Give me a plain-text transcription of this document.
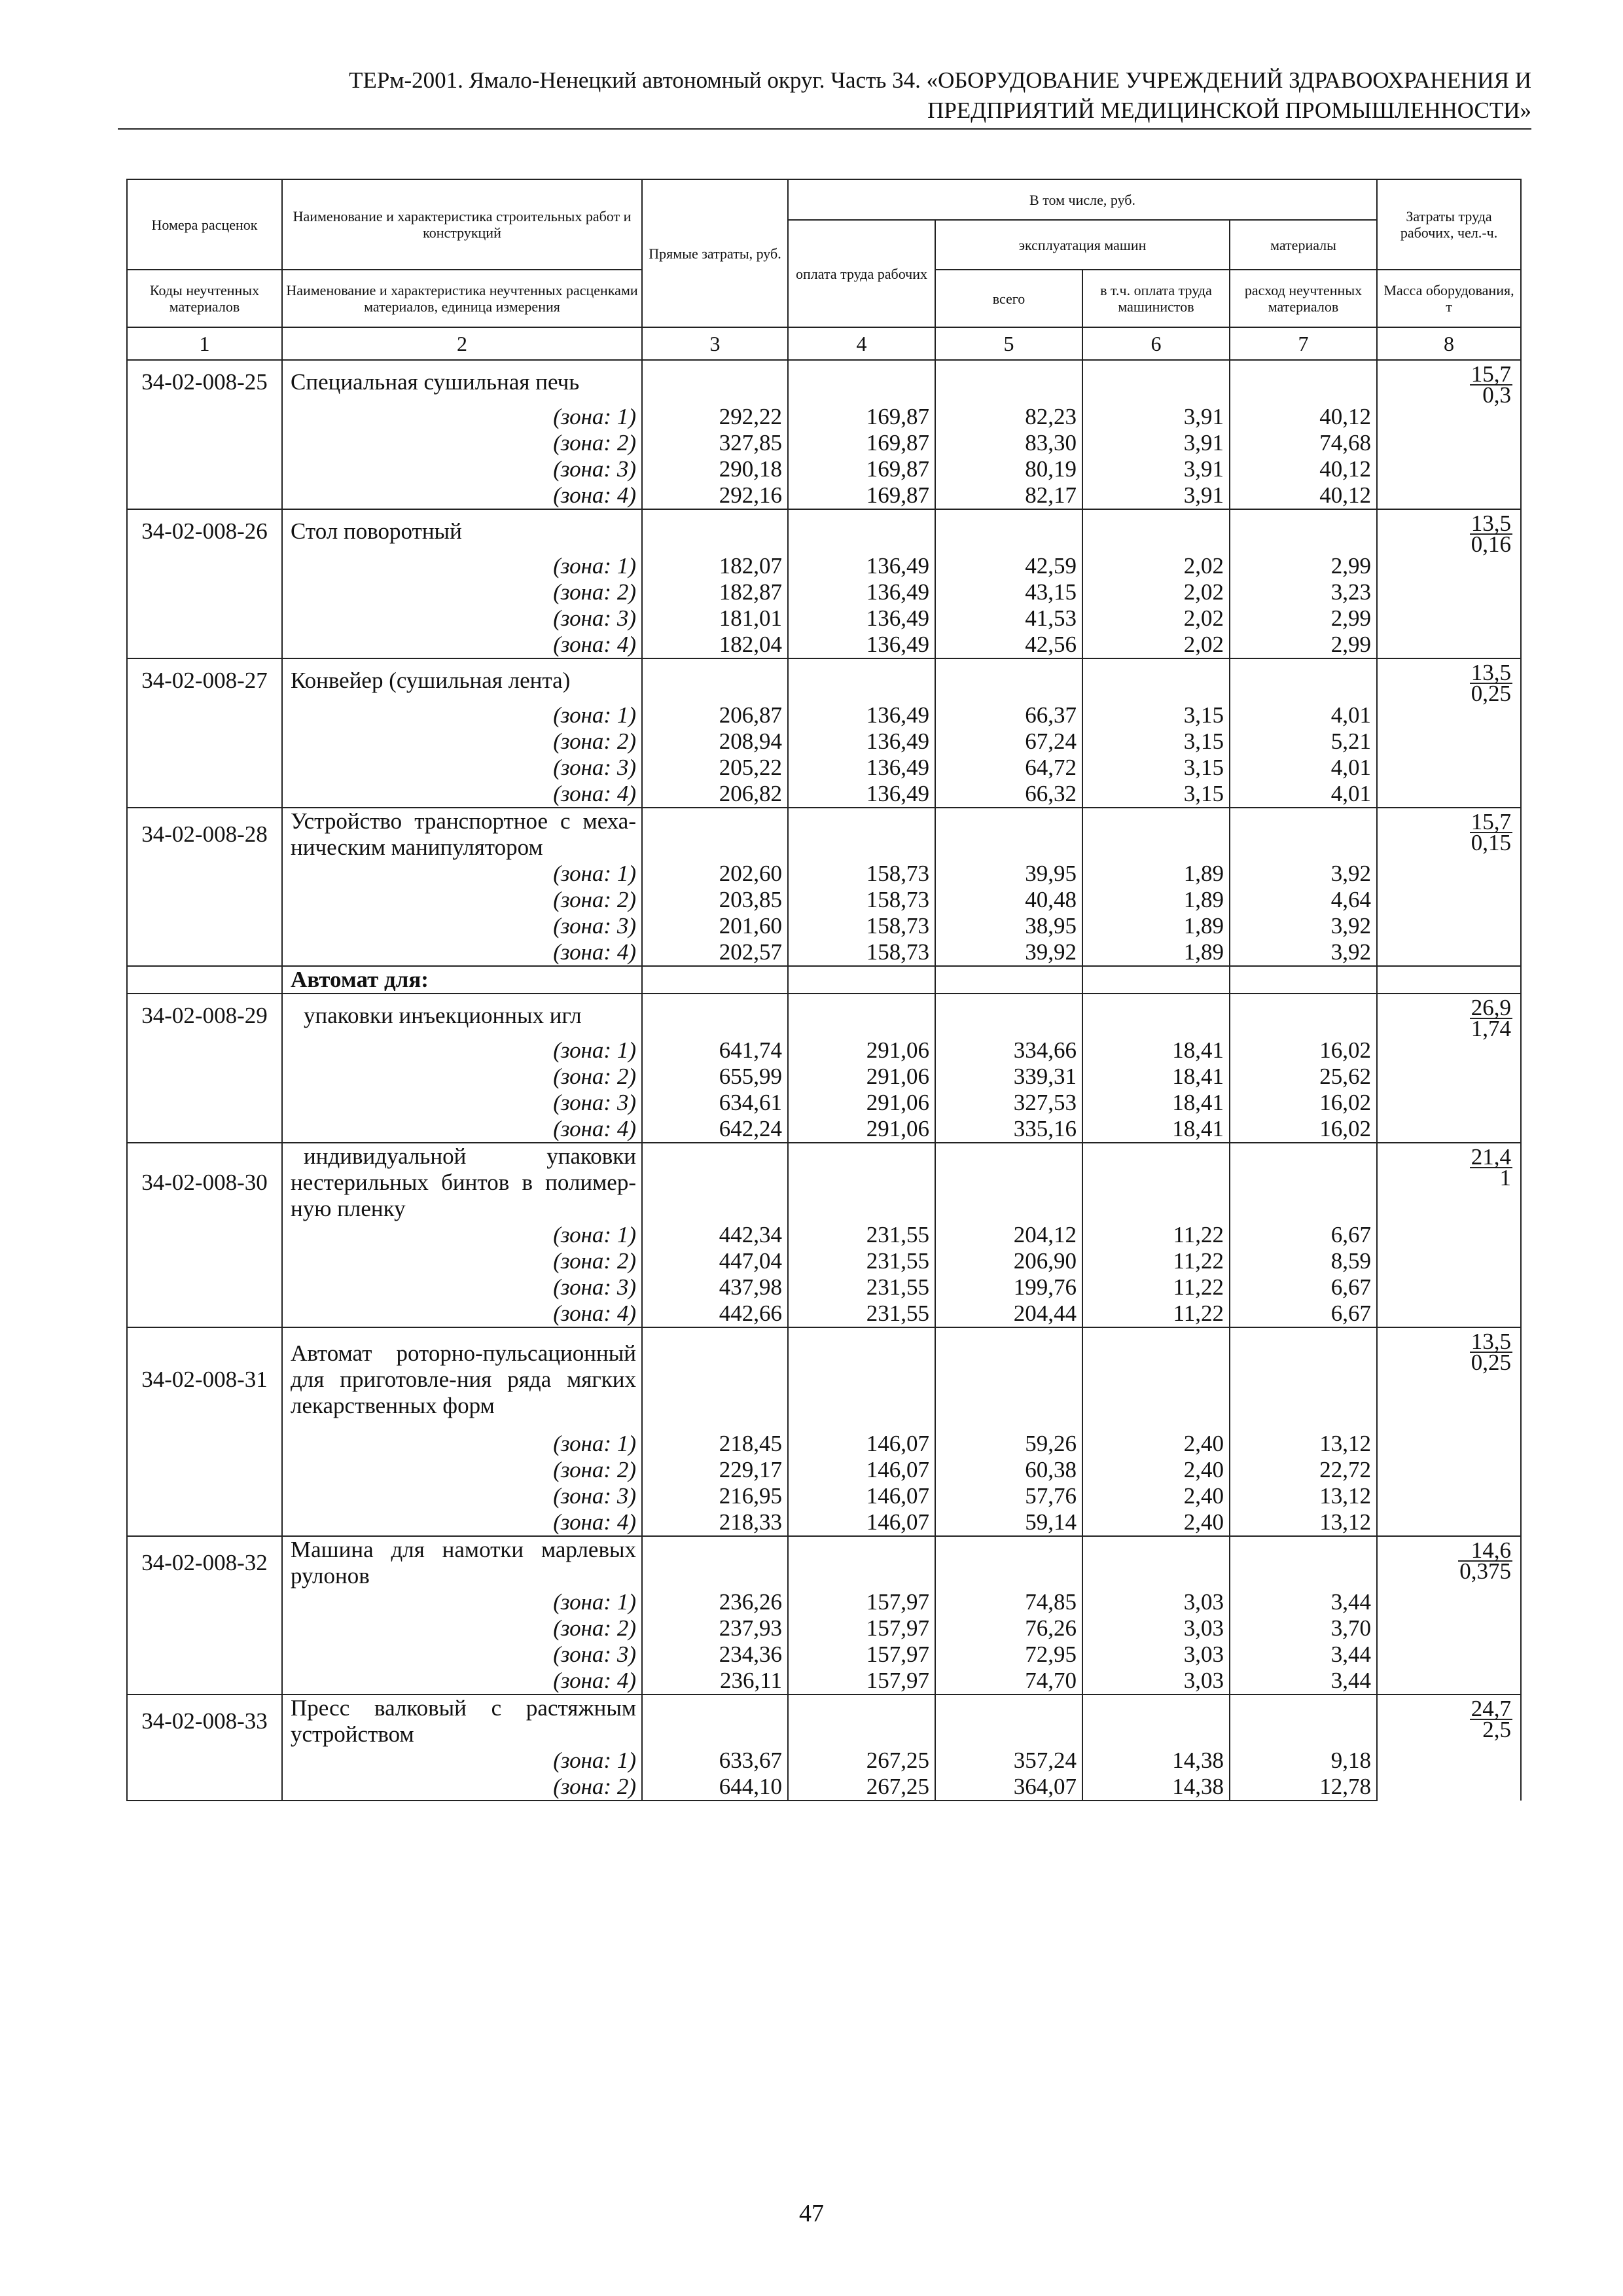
ТЕРм-2001. Ямало-Ненецкий автономный округ. Часть 34. «ОБОРУДОВАНИЕ УЧРЕЖДЕНИЙ ЗДРАВООХРАНЕНИЯ И
ПРЕДПРИЯТИЙ МЕДИЦИНСКОЙ ПРОМЫШЛЕННОСТИ»
Номера расценок	Наименование и характеристика строительных работ и конструкций	Прямые затраты, руб.	В том числе, руб.				Затраты труда рабочих, чел.-ч.
			оплата труда рабочих	эксплуатация машин		материалы	
Коды неучтенных материалов	Наименование и характеристика неучтенных расценками материалов, единица измерения			всего	в т.ч. оплата труда машинистов	расход неучтенных материалов	Масса оборудования, т
1	2	3	4	5	6	7	8
34-02-008-25	Специальная сушильная печь						$\frac{15,7}{0,3}$

	(зона: 1)	292,22	169,87	82,23	3,91	40,12	
	(зона: 2)	327,85	169,87	83,30	3,91	74,68	
	(зона: 3)	290,18	169,87	80,19	3,91	40,12	
	(зона: 4)	292,16	169,87	82,17	3,91	40,12	
34-02-008-26	Стол поворотный						$\frac{13,5}{0,16}$

	(зона: 1)	182,07	136,49	42,59	2,02	2,99	
	(зона: 2)	182,87	136,49	43,15	2,02	3,23	
	(зона: 3)	181,01	136,49	41,53	2,02	2,99	
	(зона: 4)	182,04	136,49	42,56	2,02	2,99	
34-02-008-27	Конвейер (сушильная лента)						$\frac{13,5}{0,25}$

	(зона: 1)	206,87	136,49	66,37	3,15	4,01	
	(зона: 2)	208,94	136,49	67,24	3,15	5,21	
	(зона: 3)	205,22	136,49	64,72	3,15	4,01	
	(зона: 4)	206,82	136,49	66,32	3,15	4,01	
34-02-008-28	Устройство транспортное с меха-ническим манипулятором						$\frac{15,7}{0,15}$

	(зона: 1)	202,60	158,73	39,95	1,89	3,92	
	(зона: 2)	203,85	158,73	40,48	1,89	4,64	
	(зона: 3)	201,60	158,73	38,95	1,89	3,92	
	(зона: 4)	202,57	158,73	39,92	1,89	3,92	
	Автомат для:						
34-02-008-29	упаковки инъекционных игл						$\frac{26,9}{1,74}$

	(зона: 1)	641,74	291,06	334,66	18,41	16,02	
	(зона: 2)	655,99	291,06	339,31	18,41	25,62	
	(зона: 3)	634,61	291,06	327,53	18,41	16,02	
	(зона: 4)	642,24	291,06	335,16	18,41	16,02	
34-02-008-30	индивидуальной упаковки нестерильных бинтов в полимер-ную пленку						$\frac{21,4}{1}$

	(зона: 1)	442,34	231,55	204,12	11,22	6,67	
	(зона: 2)	447,04	231,55	206,90	11,22	8,59	
	(зона: 3)	437,98	231,55	199,76	11,22	6,67	
	(зона: 4)	442,66	231,55	204,44	11,22	6,67	
34-02-008-31	Автомат роторно-пульсационный для приготовле-ния ряда мягких лекарственных форм						$\frac{13,5}{0,25}$

	(зона: 1)	218,45	146,07	59,26	2,40	13,12	
	(зона: 2)	229,17	146,07	60,38	2,40	22,72	
	(зона: 3)	216,95	146,07	57,76	2,40	13,12	
	(зона: 4)	218,33	146,07	59,14	2,40	13,12	
34-02-008-32	Машина для намотки марлевых рулонов						$\frac{14,6}{0,375}$

	(зона: 1)	236,26	157,97	74,85	3,03	3,44	
	(зона: 2)	237,93	157,97	76,26	3,03	3,70	
	(зона: 3)	234,36	157,97	72,95	3,03	3,44	
	(зона: 4)	236,11	157,97	74,70	3,03	3,44	
34-02-008-33	Пресс валковый с растяжным устройством						$\frac{24,7}{2,5}$

	(зона: 1)	633,67	267,25	357,24	14,38	9,18	
	(зона: 2)	644,10	267,25	364,07	14,38	12,78	
47
